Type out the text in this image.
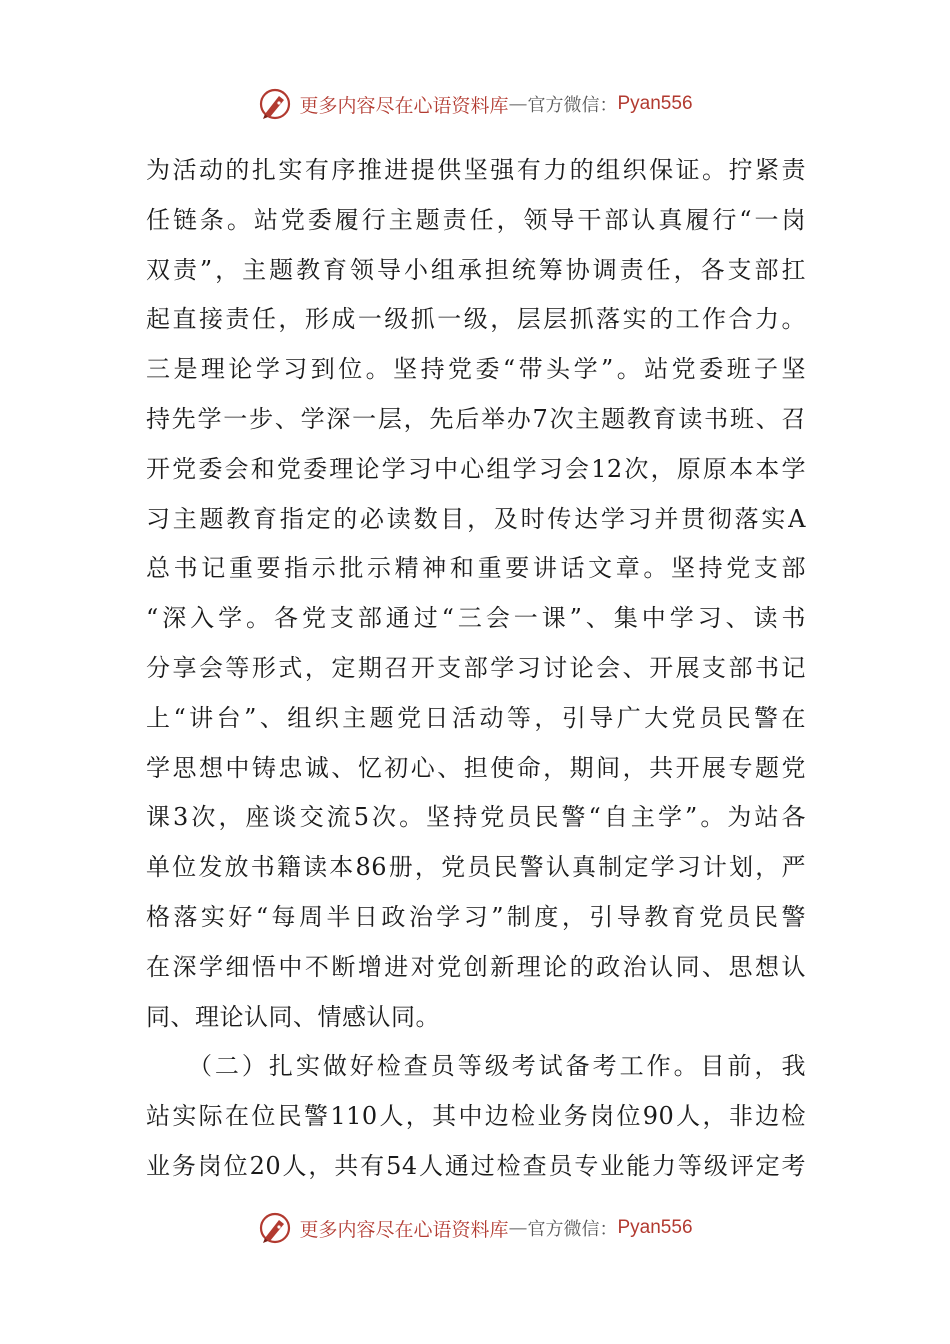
更多内容尽在心语资料库 — 官方微信： Pyan556
为活动的扎实有序推进提供坚强有力的组织保证。拧紧责
任链条。站党委履行主题责任，领导干部认真履行“一岗
双责”，主题教育领导小组承担统筹协调责任，各支部扛
起直接责任，形成一级抓一级，层层抓落实的工作合力。
三是理论学习到位。坚持党委“带头学”。站党委班子坚
持先学一步、学深一层，先后举办7次主题教育读书班、召
开党委会和党委理论学习中心组学习会12次，原原本本学
习主题教育指定的必读数目，及时传达学习并贯彻落实A
总书记重要指示批示精神和重要讲话文章。坚持党支部
“深入学。各党支部通过“三会一课”、集中学习、读书
分享会等形式，定期召开支部学习讨论会、开展支部书记
上“讲台”、组织主题党日活动等，引导广大党员民警在
学思想中铸忠诚、忆初心、担使命，期间，共开展专题党
课3次，座谈交流5次。坚持党员民警“自主学”。为站各
单位发放书籍读本86册，党员民警认真制定学习计划，严
格落实好“每周半日政治学习”制度，引导教育党员民警
在深学细悟中不断增进对党创新理论的政治认同、思想认
同、理论认同、情感认同。
　　（二）扎实做好检查员等级考试备考工作。目前，我
站实际在位民警110人，其中边检业务岗位90人，非边检
业务岗位20人，共有54人通过检查员专业能力等级评定考
更多内容尽在心语资料库 — 官方微信： Pyan556
